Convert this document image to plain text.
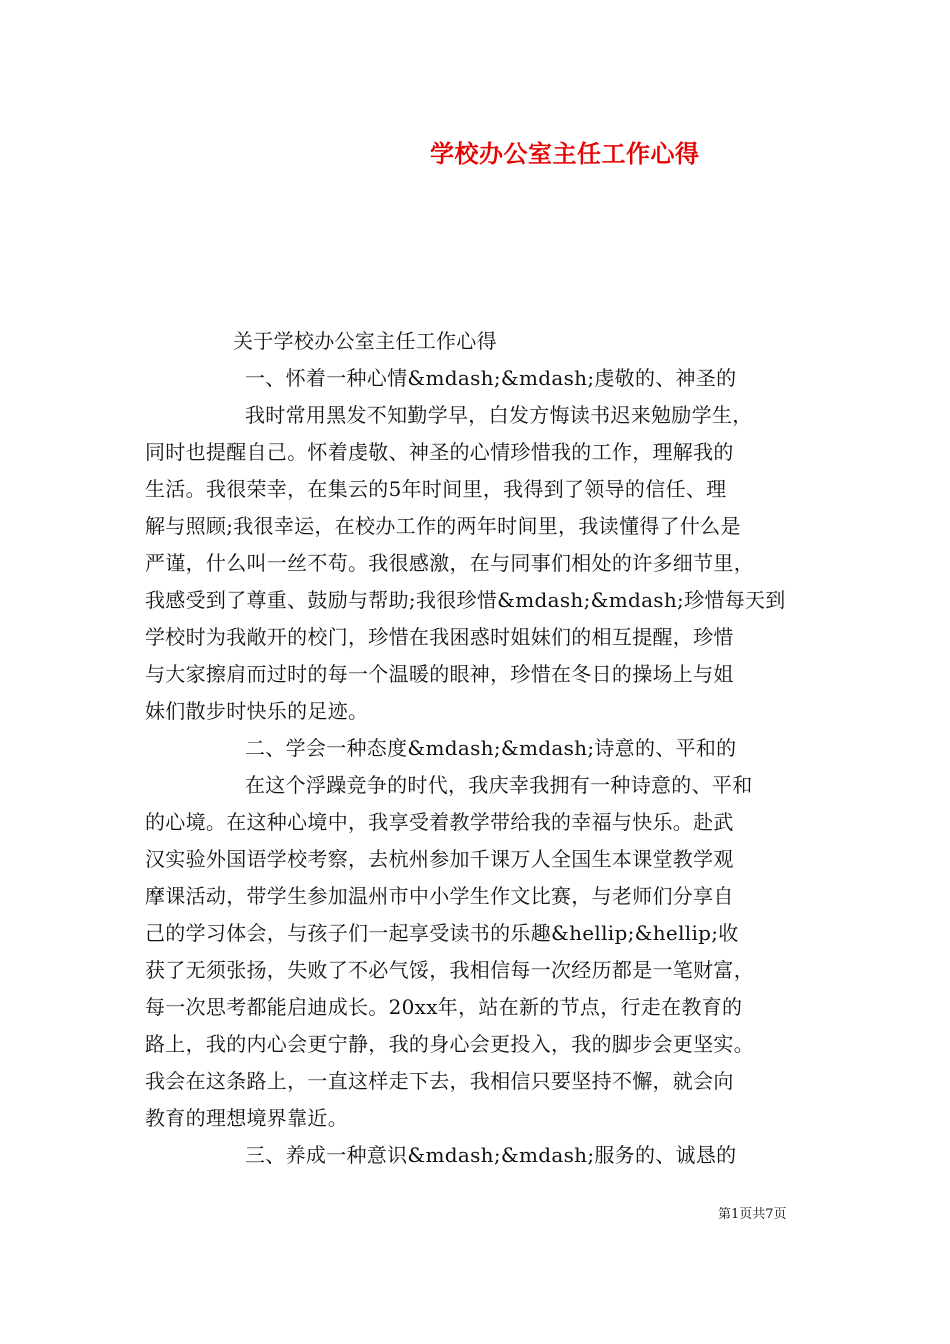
学校办公室主任工作心得
关于学校办公室主任工作心得
一、怀着一种心情&mdash;&mdash;虔敬的、神圣的
我时常用黑发不知勤学早，白发方悔读书迟来勉励学生，
同时也提醒自己。怀着虔敬、神圣的心情珍惜我的工作，理解我的
生活。我很荣幸，在集云的5年时间里，我得到了领导的信任、理
解与照顾;我很幸运，在校办工作的两年时间里，我读懂得了什么是
严谨，什么叫一丝不苟。我很感激，在与同事们相处的许多细节里，
我感受到了尊重、鼓励与帮助;我很珍惜&mdash;&mdash;珍惜每天到
学校时为我敞开的校门，珍惜在我困惑时姐妹们的相互提醒，珍惜
与大家擦肩而过时的每一个温暖的眼神，珍惜在冬日的操场上与姐
妹们散步时快乐的足迹。
二、学会一种态度&mdash;&mdash;诗意的、平和的
在这个浮躁竞争的时代，我庆幸我拥有一种诗意的、平和
的心境。在这种心境中，我享受着教学带给我的幸福与快乐。赴武
汉实验外国语学校考察，去杭州参加千课万人全国生本课堂教学观
摩课活动，带学生参加温州市中小学生作文比赛，与老师们分享自
己的学习体会，与孩子们一起享受读书的乐趣&hellip;&hellip;收
获了无须张扬，失败了不必气馁，我相信每一次经历都是一笔财富，
每一次思考都能启迪成长。20xx年，站在新的节点，行走在教育的
路上，我的内心会更宁静，我的身心会更投入，我的脚步会更坚实。
我会在这条路上，一直这样走下去，我相信只要坚持不懈，就会向
教育的理想境界靠近。
三、养成一种意识&mdash;&mdash;服务的、诚恳的
第1页共7页
